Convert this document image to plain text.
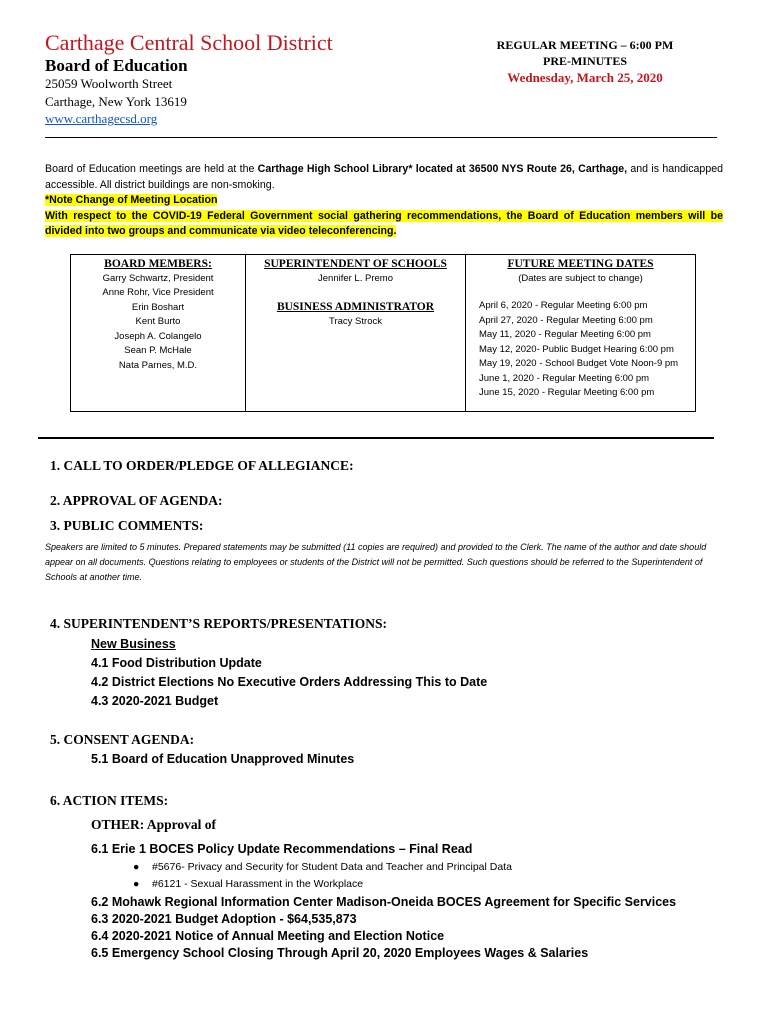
Carthage Central School District
Board of Education
25059 Woolworth Street
Carthage, New York 13619
www.carthagecsd.org
REGULAR MEETING – 6:00 PM
PRE-MINUTES
Wednesday, March 25, 2020
Board of Education meetings are held at the Carthage High School Library* located at 36500 NYS Route 26, Carthage, and is handicapped accessible. All district buildings are non-smoking.
*Note Change of Meeting Location
With respect to the COVID-19 Federal Government social gathering recommendations, the Board of Education members will be divided into two groups and communicate via video teleconferencing.
BOARD MEMBERS:
Garry Schwartz, President
Anne Rohr, Vice President
Erin Boshart
Kent Burto
Joseph A. Colangelo
Sean P. McHale
Nata Parnes, M.D.
SUPERINTENDENT OF SCHOOLS
Jennifer L. Premo
BUSINESS ADMINISTRATOR
Tracy Strock
FUTURE MEETING DATES
(Dates are subject to change)
April 6, 2020 - Regular Meeting 6:00 pm
April 27, 2020 - Regular Meeting 6:00 pm
May 11, 2020 - Regular Meeting 6:00 pm
May 12, 2020- Public Budget Hearing 6:00 pm
May 19, 2020 - School Budget Vote Noon-9 pm
June 1, 2020 - Regular Meeting 6:00 pm
June 15, 2020 - Regular Meeting 6:00 pm
1. CALL TO ORDER/PLEDGE OF ALLEGIANCE:
2. APPROVAL OF AGENDA:
3. PUBLIC COMMENTS:
Speakers are limited to 5 minutes. Prepared statements may be submitted (11 copies are required) and provided to the Clerk. The name of the author and date should appear on all documents. Questions relating to employees or students of the District will not be permitted. Such questions should be referred to the Superintendent of Schools at another time.
4. SUPERINTENDENT’S REPORTS/PRESENTATIONS:
New Business
4.1 Food Distribution Update
4.2 District Elections No Executive Orders Addressing This to Date
4.3 2020-2021 Budget
5. CONSENT AGENDA:
5.1 Board of Education Unapproved Minutes
6. ACTION ITEMS:
OTHER: Approval of
6.1 Erie 1 BOCES Policy Update Recommendations – Final Read
● #5676- Privacy and Security for Student Data and Teacher and Principal Data
● #6121 - Sexual Harassment in the Workplace
6.2 Mohawk Regional Information Center Madison-Oneida BOCES Agreement for Specific Services
6.3 2020-2021 Budget Adoption - $64,535,873
6.4 2020-2021 Notice of Annual Meeting and Election Notice
6.5 Emergency School Closing Through April 20, 2020 Employees Wages & Salaries
